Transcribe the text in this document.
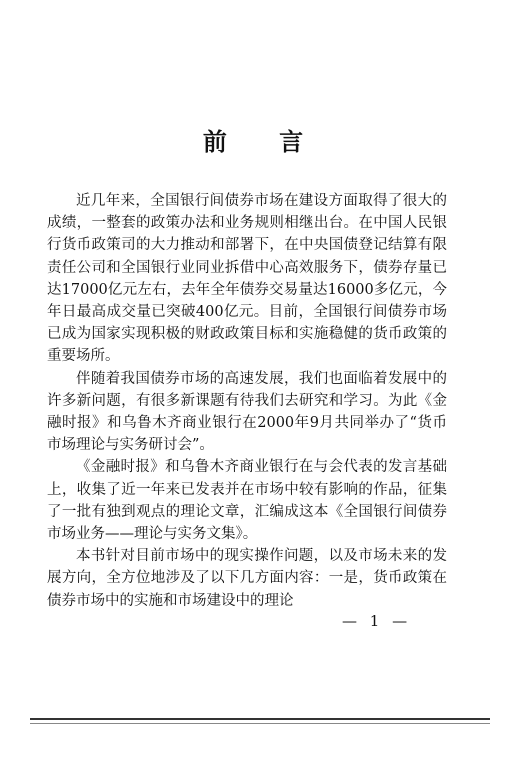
前 言

近几年来，全国银行间债券市场在建设方面取得了很大的成绩，一整套的政策办法和业务规则相继出台。在中国人民银行货币政策司的大力推动和部署下，在中央国债登记结算有限责任公司和全国银行业同业拆借中心高效服务下，债券存量已达17000亿元左右，去年全年债券交易量达16000多亿元，今年日最高成交量已突破400亿元。目前，全国银行间债券市场已成为国家实现积极的财政政策目标和实施稳健的货币政策的重要场所。

伴随着我国债券市场的高速发展，我们也面临着发展中的许多新问题，有很多新课题有待我们去研究和学习。为此《金融时报》和乌鲁木齐商业银行在2000年9月共同举办了“货币市场理论与实务研讨会”。

《金融时报》和乌鲁木齐商业银行在与会代表的发言基础上，收集了近一年来已发表并在市场中较有影响的作品，征集了一批有独到观点的理论文章，汇编成这本《全国银行间债券市场业务——理论与实务文集》。

本书针对目前市场中的现实操作问题，以及市场未来的发展方向，全方位地涉及了以下几方面内容：一是，货币政策在债券市场中的实施和市场建设中的理论

— 1 —
